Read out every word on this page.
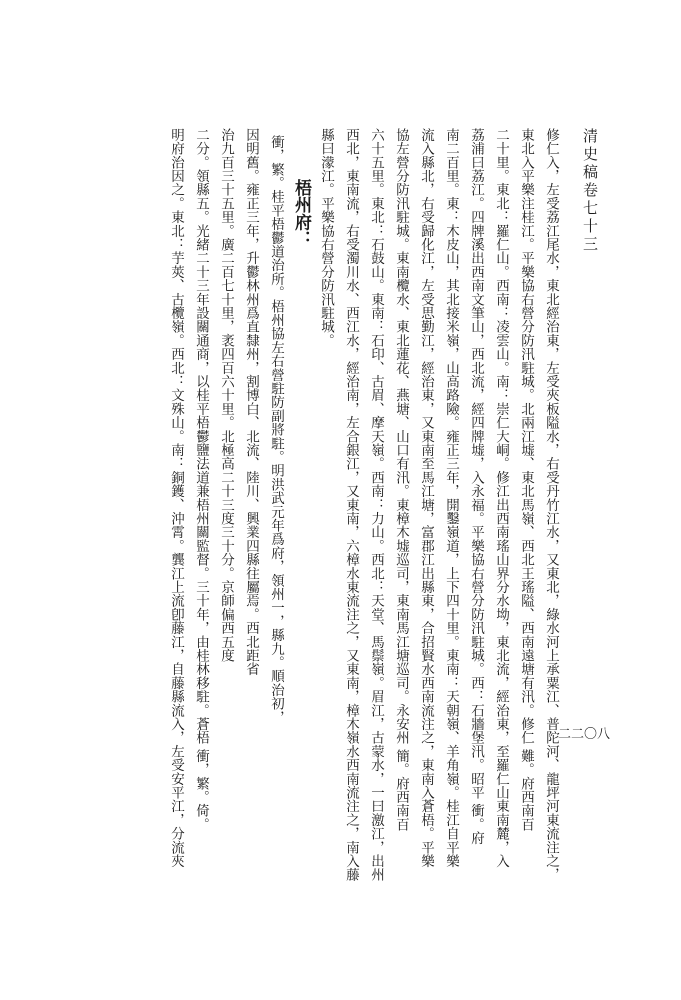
清史稿卷七十三
二二〇八
修仁入，左受荔江尾水，東北經治東，左受夾板隘水，右受丹竹江水，又東北，綠水河上承粟江、普陀河、龍坪河東流注之，
東北入平樂注桂江。平樂協右營分防汛駐城。北兩江墟、東北馬嶺、西北王瑤隘、西南遠塘有汛。修仁 難。府西南百
二十里。東北：羅仁山。西南：凌雲山。南：崇仁大峒。修江出西南瑤山界分水坳，東北流，經治東，至羅仁山東南麓，入
荔浦曰荔江。四牌溪出西南文筆山，西北流，經四牌墟，入永福。平樂協右營分防汛駐城。西：石牆堡汛。昭平 衝。府
南二百里。東：木皮山，其北接米嶺，山高路險。雍正三年，開鑿嶺道，上下四十里。東南：天朝嶺、羊角嶺。桂江自平樂
流入縣北，右受歸化江，左受思勤江，經治東，又東南至馬江塘，富郡江出縣東，合招賢水西南流注之，東南入蒼梧。平樂
協左營分防汛駐城。東南欖水、東北蓮花、燕塘、山口有汛。東樟木墟巡司，東南馬江塘巡司。永安州 簡。府西南百
六十五里。東北：石鼓山。東南：石印、古眉、摩天嶺。西南：力山。西北：天堂、馬鬃嶺。眉江，古蒙水，一曰激江，出州
西北，東南流，右受濁川水、西江水，經治南，左合銀江，又東南，六樟水東流注之，又東南，樟木嶺水西南流注之，南入藤
縣曰濛江。平樂協右營分防汛駐城。
梧州府：
衝，繁。桂平梧鬱道治所。梧州協左右營駐防副將駐。明洪武元年爲府，領州一，縣九。順治初，
因明舊。雍正三年，升鬱林州爲直隸州，割博白、北流、陸川、興業四縣往屬焉。西北距省
治九百三十五里。廣二百七十里，袤四百六十里。北極高二十三度三十分。京師偏西五度
二分。領縣五。光緒二十三年設關通商，以桂平梧鬱鹽法道兼梧州關監督。三十年，由桂林移駐。蒼梧 衝，繁。倚。
明府治因之。東北：芋莢、古欖嶺。西北：文殊山。南：銅鑊、沖霄。龔江上流卽藤江，自藤縣流入，左受安平江，分流夾
